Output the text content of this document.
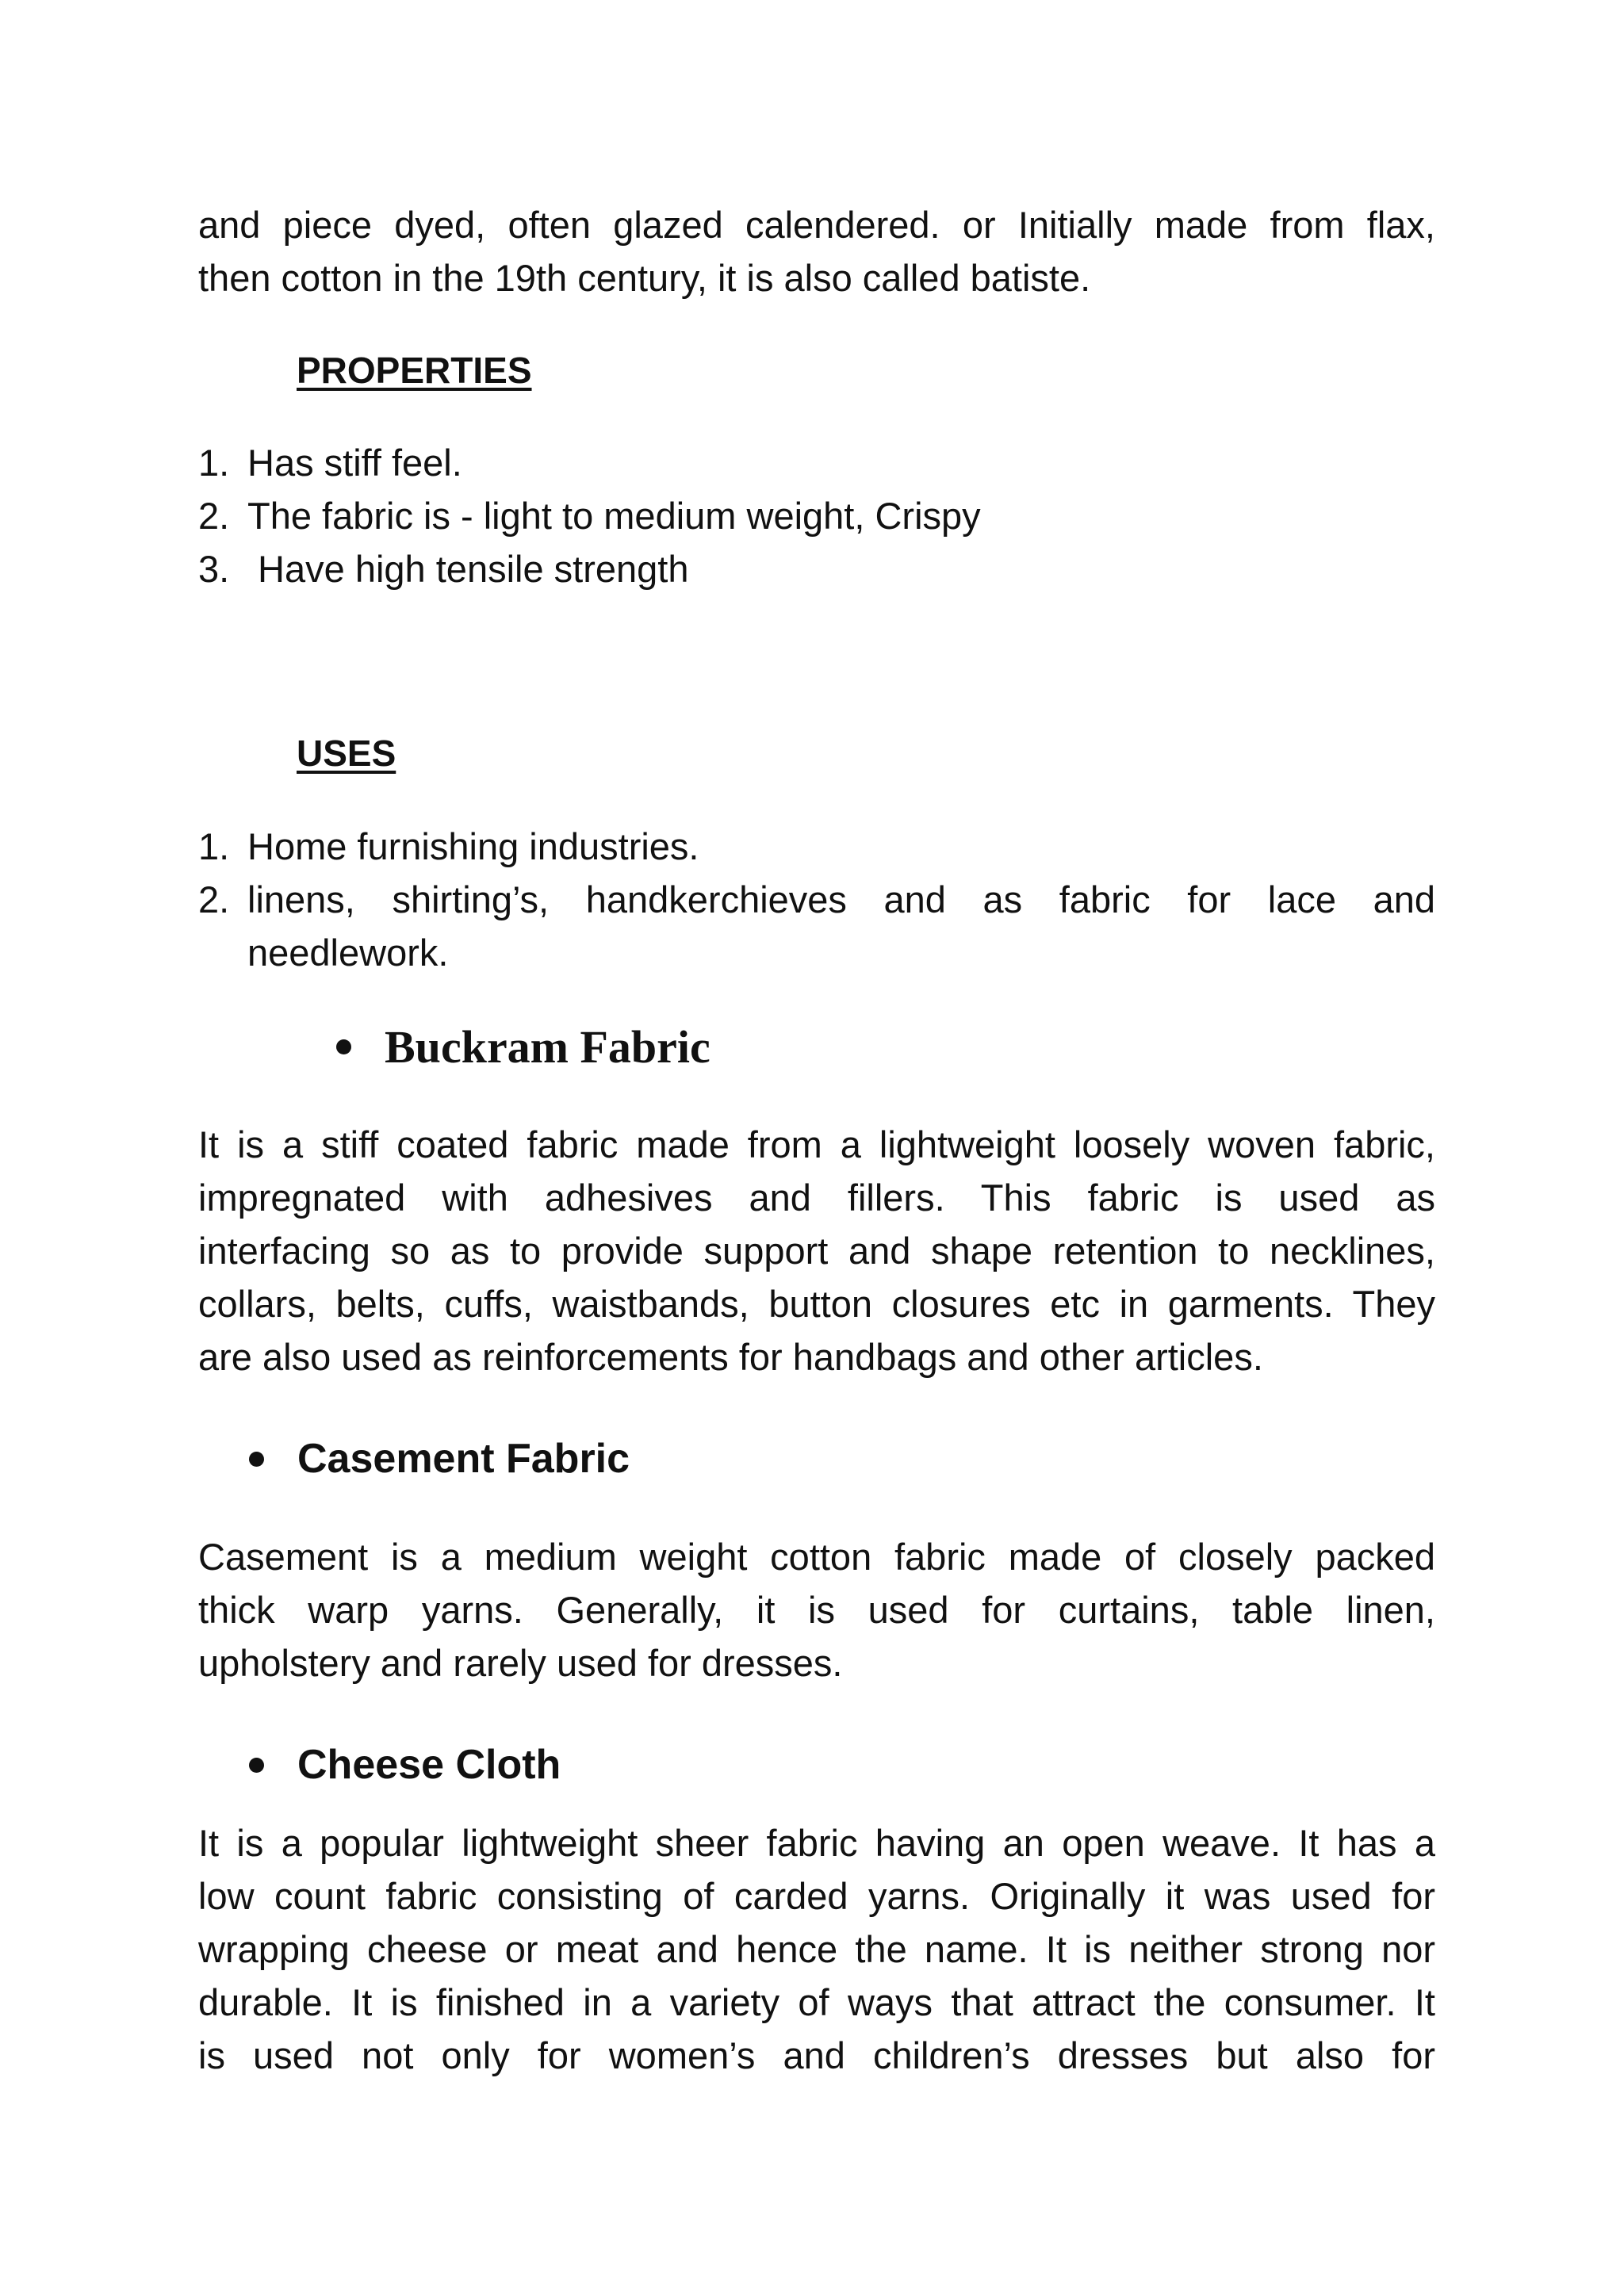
and piece dyed, often glazed calendered. or Initially made from flax,
then cotton in the 19th century, it is also called batiste.
PROPERTIES
1. Has stiff feel.
2. The fabric is - light to medium weight, Crispy
3. Have high tensile strength
USES
1. Home furnishing industries.
2. linens, shirting’s, handkerchieves and as fabric for lace and
needlework.
Buckram Fabric
It is a stiff coated fabric made from a lightweight loosely woven fabric,
impregnated with adhesives and fillers. This fabric is used as
interfacing so as to provide support and shape retention to necklines,
collars, belts, cuffs, waistbands, button closures etc in garments. They
are also used as reinforcements for handbags and other articles.
Casement Fabric
Casement is a medium weight cotton fabric made of closely packed
thick warp yarns. Generally, it is used for curtains, table linen,
upholstery and rarely used for dresses.
Cheese Cloth
It is a popular lightweight sheer fabric having an open weave. It has a
low count fabric consisting of carded yarns. Originally it was used for
wrapping cheese or meat and hence the name. It is neither strong nor
durable. It is finished in a variety of ways that attract the consumer. It
is used not only for women’s and children’s dresses but also for
